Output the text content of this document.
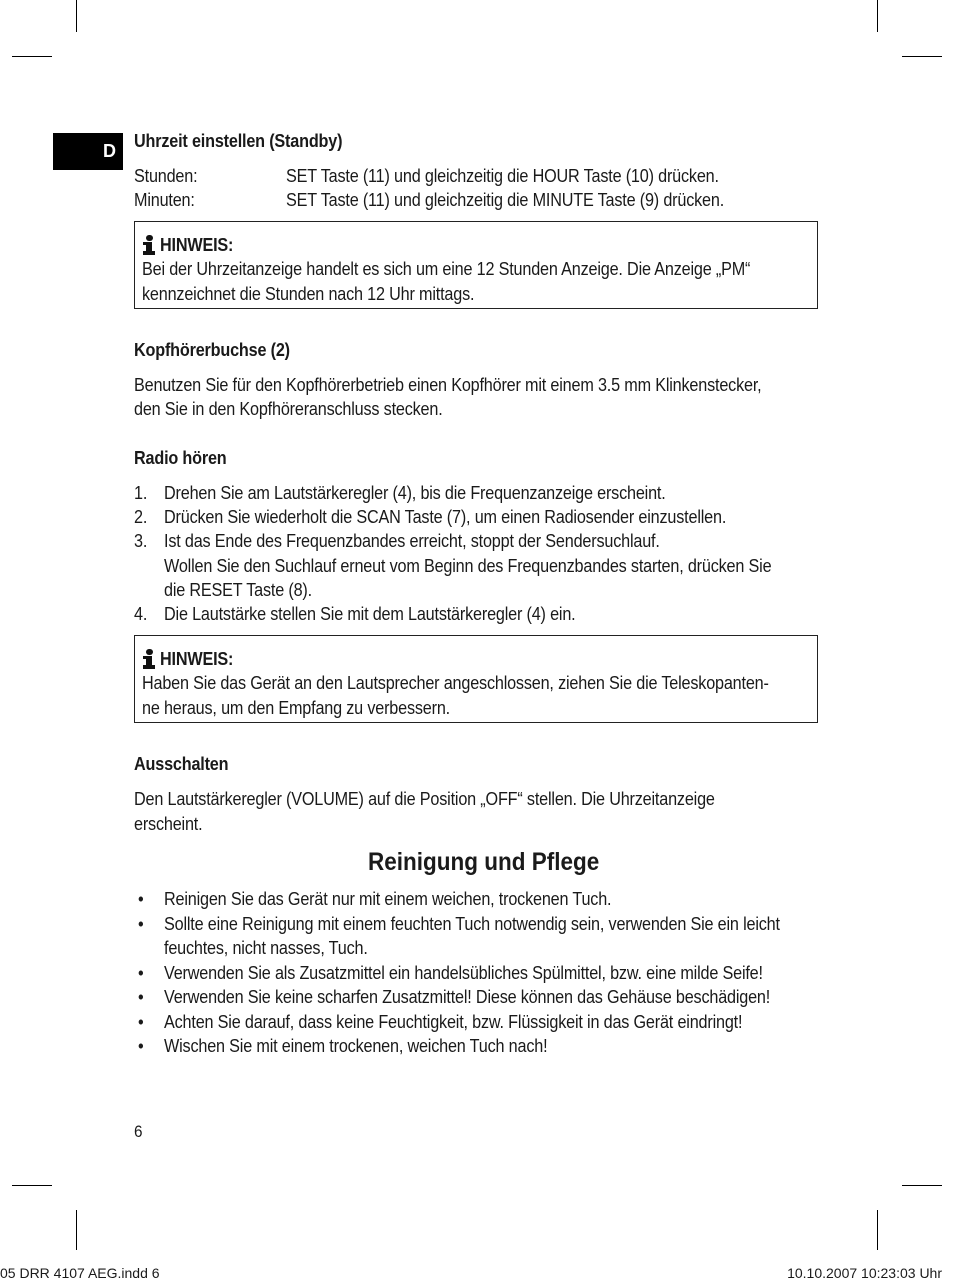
D	Uhrzeit einstellen (Standby)
Stunden:	SET Taste (11) und gleichzeitig die HOUR Taste (10) drücken.
Minuten:	SET Taste (11) und gleichzeitig die MINUTE Taste (9) drücken.
HINWEIS:
Bei der Uhrzeitanzeige handelt es sich um eine 12 Stunden Anzeige. Die Anzeige „PM“
kennzeichnet die Stunden nach 12 Uhr mittags.
Kopfhörerbuchse (2)
Benutzen Sie für den Kopfhörerbetrieb einen Kopfhörer mit einem 3.5 mm Klinkenstecker,
den Sie in den Kopfhöreranschluss stecken.
Radio hören
1. Drehen Sie am Lautstärkeregler (4), bis die Frequenzanzeige erscheint.
2. Drücken Sie wiederholt die SCAN Taste (7), um einen Radiosender einzustellen.
3. Ist das Ende des Frequenzbandes erreicht, stoppt der Sendersuchlauf.
Wollen Sie den Suchlauf erneut vom Beginn des Frequenzbandes starten, drücken Sie
die RESET Taste (8).
4. Die Lautstärke stellen Sie mit dem Lautstärkeregler (4) ein.
HINWEIS:
Haben Sie das Gerät an den Lautsprecher angeschlossen, ziehen Sie die Teleskopanten-
ne heraus, um den Empfang zu verbessern.
Ausschalten
Den Lautstärkeregler (VOLUME) auf die Position „OFF“ stellen. Die Uhrzeitanzeige
erscheint.
Reinigung und Pflege
• Reinigen Sie das Gerät nur mit einem weichen, trockenen Tuch.
• Sollte eine Reinigung mit einem feuchten Tuch notwendig sein, verwenden Sie ein leicht
feuchtes, nicht nasses, Tuch.
• Verwenden Sie als Zusatzmittel ein handelsübliches Spülmittel, bzw. eine milde Seife!
• Verwenden Sie keine scharfen Zusatzmittel! Diese können das Gehäuse beschädigen!
• Achten Sie darauf, dass keine Feuchtigkeit, bzw. Flüssigkeit in das Gerät eindringt!
• Wischen Sie mit einem trockenen, weichen Tuch nach!
6
05 DRR 4107 AEG.indd 6	10.10.2007 10:23:03 Uhr
